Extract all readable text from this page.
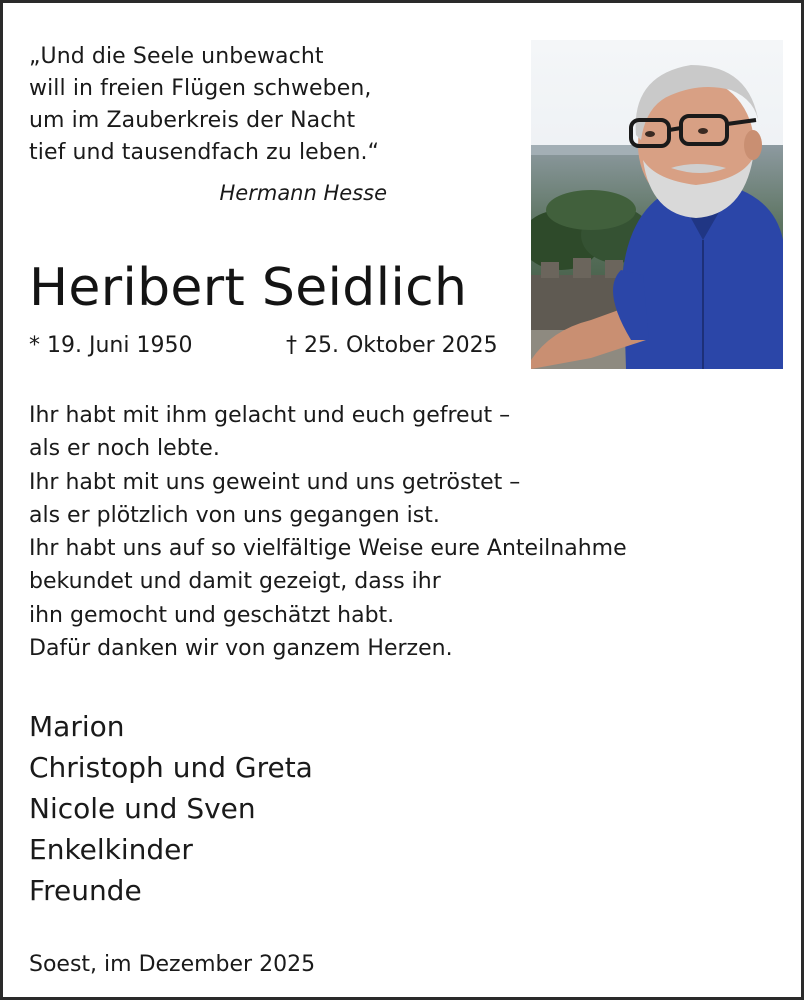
„Und die Seele unbewacht
will in freien Flügen schweben,
um im Zauberkreis der Nacht
tief und tausendfach zu leben.“
Hermann Hesse
Heribert Seidlich
* 19. Juni 1950	† 25. Oktober 2025
Ihr habt mit ihm gelacht und euch gefreut –
als er noch lebte.
Ihr habt mit uns geweint und uns getröstet –
als er plötzlich von uns gegangen ist.
Ihr habt uns auf so vielfältige Weise eure Anteilnahme
bekundet und damit gezeigt, dass ihr
ihn gemocht und geschätzt habt.
Dafür danken wir von ganzem Herzen.
Marion
Christoph und Greta
Nicole und Sven
Enkelkinder
Freunde
Soest, im Dezember 2025
